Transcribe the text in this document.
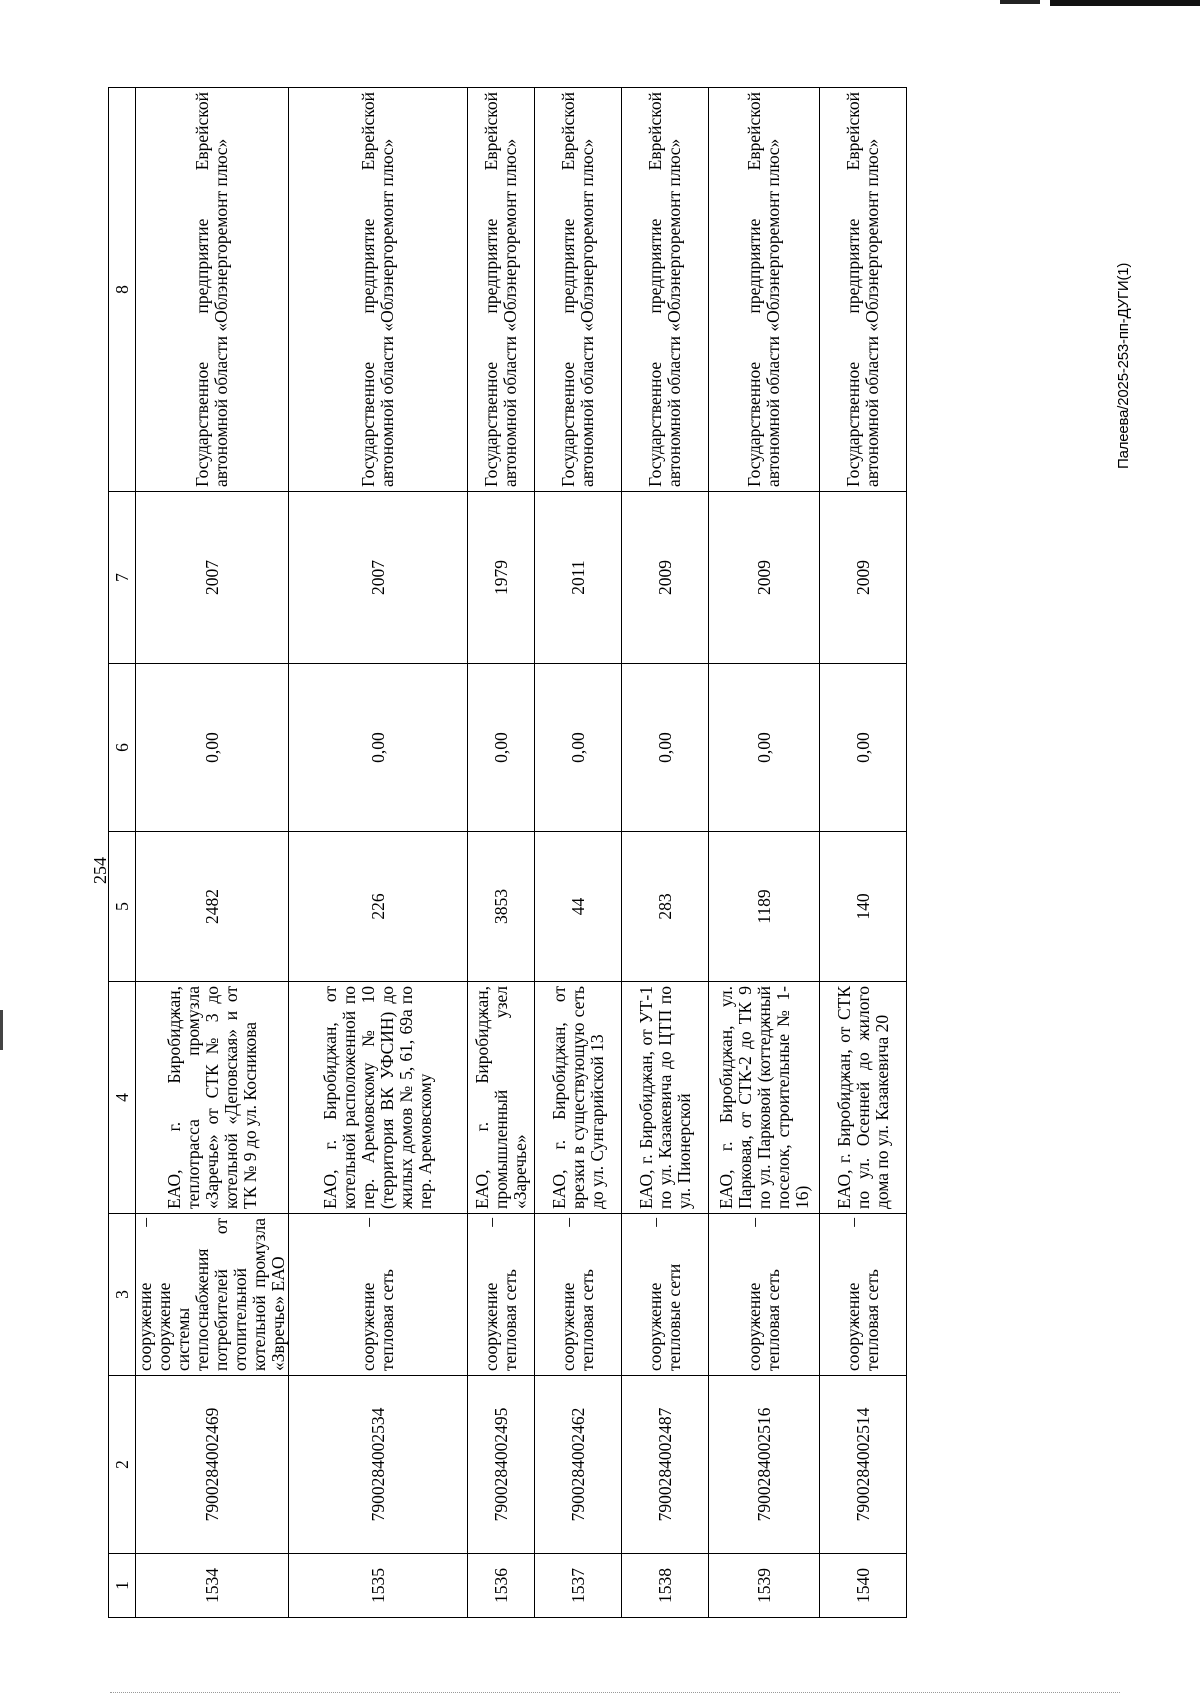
254
1	2	3	4	5	6	7	8
1534	7900284002469	сооружение – сооружение системы теплоснабжения потребителей от отопительной котельной промузла «Звречье» ЕАО	ЕАО, г. Биробиджан, теплотрасса промузла «Заречье» от СТК № 3 до котельной «Деповская» и от ТК № 9 до ул. Косникова	2482	0,00	2007	Государственное предприятие Еврейской автономной области «Облэнергоремонт плюс»
1535	7900284002534	сооружение – тепловая сеть	ЕАО, г. Биробиджан, от котельной расположенной по пер. Аремовскому № 10 (территория ВК УФСИН) до жилых домов № 5, 61, 69а по пер. Аремовскому	226	0,00	2007	Государственное предприятие Еврейской автономной области «Облэнергоремонт плюс»
1536	7900284002495	сооружение – тепловая сеть	ЕАО, г. Биробиджан, промышленный узел «Заречье»	3853	0,00	1979	Государственное предприятие Еврейской автономной области «Облэнергоремонт плюс»
1537	7900284002462	сооружение – тепловая сеть	ЕАО, г. Биробиджан, от врезки в существующую сеть до ул. Сунгарийской 13	44	0,00	2011	Государственное предприятие Еврейской автономной области «Облэнергоремонт плюс»
1538	7900284002487	сооружение – тепловые сети	ЕАО, г. Биробиджан, от УТ-1 по ул. Казакевича до ЦТП по ул. Пионерской	283	0,00	2009	Государственное предприятие Еврейской автономной области «Облэнергоремонт плюс»
1539	7900284002516	сооружение – тепловая сеть	ЕАО, г. Биробиджан, ул. Парковая, от СТК-2 до ТК 9 по ул. Парковой (коттеджный поселок, строительные № 1-16)	1189	0,00	2009	Государственное предприятие Еврейской автономной области «Облэнергоремонт плюс»
1540	7900284002514	сооружение – тепловая сеть	ЕАО, г. Биробиджан, от СТК по ул. Осенней до жилого дома по ул. Казакевича 20	140	0,00	2009	Государственное предприятие Еврейской автономной области «Облэнергоремонт плюс»	Палеева/2025-253-пп-ДУГИ(1)
